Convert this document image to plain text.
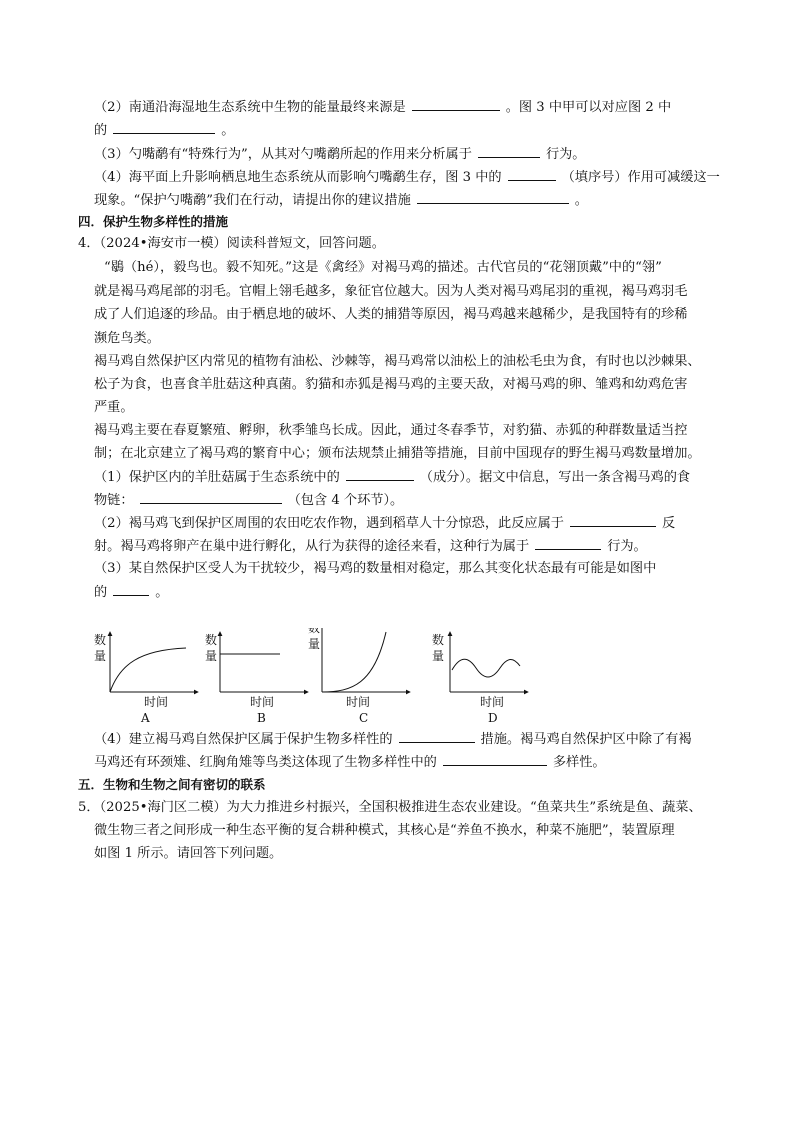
（2）南通沿海湿地生态系统中生物的能量最终来源是	。图 3 中甲可以对应图 2 中
的	。
（3）勺嘴鹬有“特殊行为”，从其对勺嘴鹬所起的作用来分析属于	行为。
（4）海平面上升影响栖息地生态系统从而影响勺嘴鹬生存，图 3 中的	（填序号）作用可减缓这一
现象。“保护勺嘴鹬”我们在行动，请提出你的建议措施	。
四．保护生物多样性的措施
4．（2024•海安市一模）阅读科普短文，回答问题。
“鶡（hé），毅鸟也。毅不知死。”这是《禽经》对褐马鸡的描述。古代官员的“花翎顶戴”中的“翎”
就是褐马鸡尾部的羽毛。官帽上翎毛越多，象征官位越大。因为人类对褐马鸡尾羽的重视，褐马鸡羽毛
成了人们追逐的珍品。由于栖息地的破坏、人类的捕猎等原因，褐马鸡越来越稀少，是我国特有的珍稀
濒危鸟类。
褐马鸡自然保护区内常见的植物有油松、沙棘等，褐马鸡常以油松上的油松毛虫为食，有时也以沙棘果、
松子为食，也喜食羊肚菇这种真菌。豹猫和赤狐是褐马鸡的主要天敌，对褐马鸡的卵、雏鸡和幼鸡危害
严重。
褐马鸡主要在春夏繁殖、孵卵，秋季雏鸟长成。因此，通过冬春季节，对豹猫、赤狐的种群数量适当控
制；在北京建立了褐马鸡的繁育中心；颁布法规禁止捕猎等措施，目前中国现存的野生褐马鸡数量增加。
（1）保护区内的羊肚菇属于生态系统中的	（成分）。据文中信息，写出一条含褐马鸡的食
物链：	（包含 4 个环节）。
（2）褐马鸡飞到保护区周围的农田吃农作物，遇到稻草人十分惊恐，此反应属于	反
射。褐马鸡将卵产在巢中进行孵化，从行为获得的途径来看，这种行为属于	行为。
（3）某自然保护区受人为干扰较少，褐马鸡的数量相对稳定，那么其变化状态最有可能是如图中
的	。
数
量
时间
A
数
量
时间
B
数
量
时间
C
数
量
时间
D
（4）建立褐马鸡自然保护区属于保护生物多样性的	措施。褐马鸡自然保护区中除了有褐
马鸡还有环颈雉、红胸角雉等鸟类这体现了生物多样性中的	多样性。
五．生物和生物之间有密切的联系
5．（2025•海门区二模）为大力推进乡村振兴，全国积极推进生态农业建设。“鱼菜共生”系统是鱼、蔬菜、
微生物三者之间形成一种生态平衡的复合耕种模式，其核心是“养鱼不换水，种菜不施肥”，装置原理
如图 1 所示。请回答下列问题。
